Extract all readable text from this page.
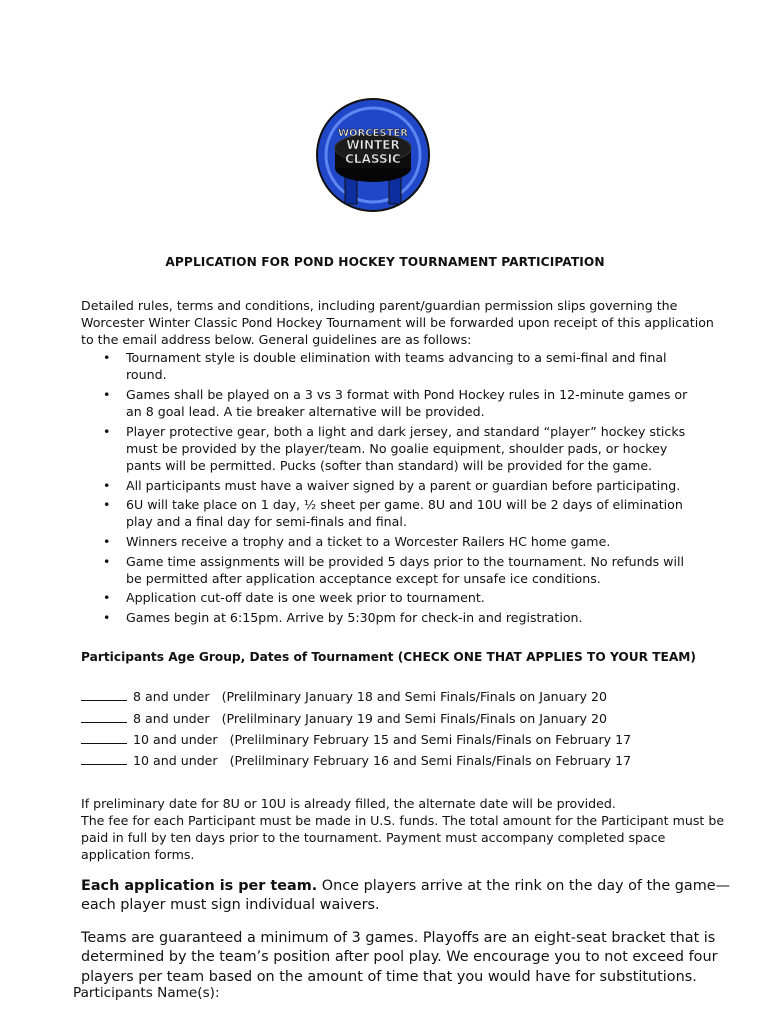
WORCESTER
WINTER
CLASSIC
APPLICATION FOR POND HOCKEY TOURNAMENT PARTICIPATION
Detailed rules, terms and conditions, including parent/guardian permission slips governing the Worcester Winter Classic Pond Hockey Tournament will be forwarded upon receipt of this application to the email address below. General guidelines are as follows:
• Tournament style is double elimination with teams advancing to a semi-final and final round.
• Games shall be played on a 3 vs 3 format with Pond Hockey rules in 12-minute games or an 8 goal lead. A tie breaker alternative will be provided.
• Player protective gear, both a light and dark jersey, and standard “player” hockey sticks must be provided by the player/team. No goalie equipment, shoulder pads, or hockey pants will be permitted. Pucks (softer than standard) will be provided for the game.
• All participants must have a waiver signed by a parent or guardian before participating.
• 6U will take place on 1 day, ½ sheet per game. 8U and 10U will be 2 days of elimination play and a final day for semi-finals and final.
• Winners receive a trophy and a ticket to a Worcester Railers HC home game.
• Game time assignments will be provided 5 days prior to the tournament. No refunds will be permitted after application acceptance except for unsafe ice conditions.
• Application cut-off date is one week prior to tournament.
• Games begin at 6:15pm. Arrive by 5:30pm for check-in and registration.
Participants Age Group, Dates of Tournament (CHECK ONE THAT APPLIES TO YOUR TEAM)
8 and under (Prelilminary January 18 and Semi Finals/Finals on January 20
8 and under (Prelilminary January 19 and Semi Finals/Finals on January 20
10 and under (Prelilminary February 15 and Semi Finals/Finals on February 17
10 and under (Prelilminary February 16 and Semi Finals/Finals on February 17
If preliminary date for 8U or 10U is already filled, the alternate date will be provided.
The fee for each Participant must be made in U.S. funds. The total amount for the Participant must be paid in full by ten days prior to the tournament. Payment must accompany completed space application forms.
Each application is per team. Once players arrive at the rink on the day of the game—each player must sign individual waivers.
Teams are guaranteed a minimum of 3 games. Playoffs are an eight-seat bracket that is determined by the team’s position after pool play. We encourage you to not exceed four players per team based on the amount of time that you would have for substitutions.
Participants Name(s):
